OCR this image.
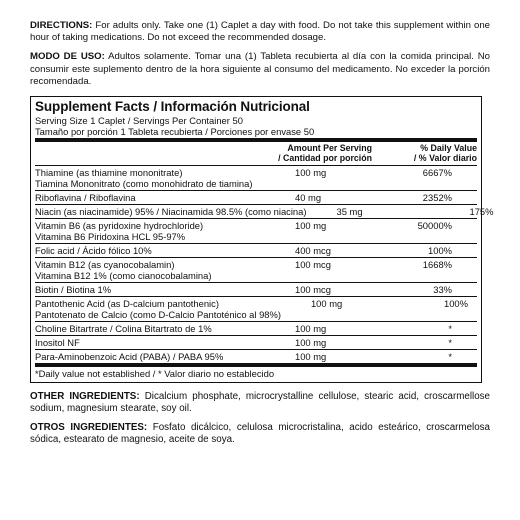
DIRECTIONS: For adults only. Take one (1) Caplet a day with food. Do not take this supplement within one hour of taking medications. Do not exceed the recommended dosage.

MODO DE USO: Adultos solamente. Tomar una (1) Tableta recubierta al día con la comida principal. No consumir este suplemento dentro de la hora siguiente al consumo del medicamento. No exceder la porción recomendada.

Supplement Facts / Información Nutricional
Serving Size 1 Caplet / Servings Per Container 50
Tamaño por porción 1 Tableta recubierta / Porciones por envase 50
Amount Per Serving
/ Cantidad por porción
% Daily Value
/ % Valor diario
Thiamine (as thiamine mononitrate)
Tiamina Mononitrato (como monohidrato de tiamina)
100 mg	6667%
Riboflavina / Riboflavina	40 mg	2352%
Niacin (as niacinamide) 95% / Niacinamida 98.5% (como niacina)	35 mg	175%
Vitamin B6 (as pyridoxine hydrochloride)
Vitamina B6 Piridoxina HCL 95-97%
100 mg	50000%
Folic acid / Ácido fólico 10%	400 mcg	100%
Vitamin B12 (as cyanocobalamin)
Vitamina B12 1% (como cianocobalamina)
100 mcg	1668%
Biotin / Biotina 1%	100 mcg	33%
Pantothenic Acid (as D-calcium pantothenic)
Pantotenato de Calcio (como D-Calcio Pantoténico al 98%)
100 mg	100%
Choline Bitartrate / Colina Bitartrato de 1%	100 mg	*
Inositol NF	100 mg	*
Para-Aminobenzoic Acid (PABA) / PABA 95%	100 mg	*
*Daily value not established / * Valor diario no establecido

OTHER INGREDIENTS: Dicalcium phosphate, microcrystalline cellulose, stearic acid, croscarmellose sodium, magnesium stearate, soy oil.

OTROS INGREDIENTES: Fosfato dicálcico, celulosa microcristalina, acido esteárico, croscarmelosa sódica, estearato de magnesio, aceite de soya.
